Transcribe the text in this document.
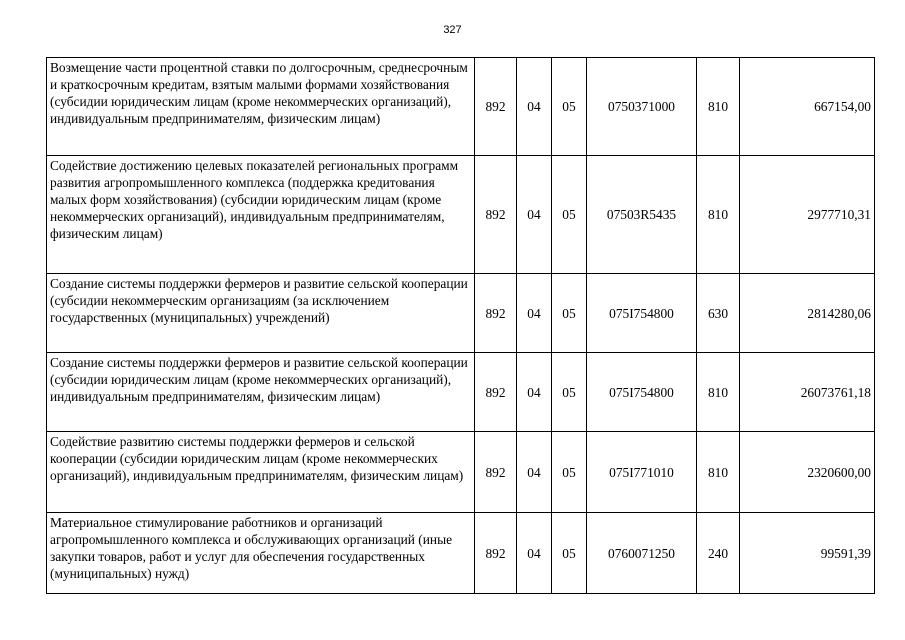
327
Возмещение части процентной ставки по долгосрочным, среднесрочным и краткосрочным кредитам, взятым малыми формами хозяйствования (субсидии юридическим лицам (кроме некоммерческих организаций), индивидуальным предпринимателям, физическим лицам)	892	04	05	0750371000	810	667154,00
Содействие достижению целевых показателей региональных программ развития агропромышленного комплекса (поддержка кредитования малых форм хозяйствования) (субсидии юридическим лицам (кроме некоммерческих организаций), индивидуальным предпринимателям, физическим лицам)	892	04	05	07503R5435	810	2977710,31
Создание системы поддержки фермеров и развитие сельской кооперации (субсидии некоммерческим организациям (за исключением государственных (муниципальных) учреждений)	892	04	05	075I754800	630	2814280,06
Создание системы поддержки фермеров и развитие сельской кооперации (субсидии юридическим лицам (кроме некоммерческих организаций), индивидуальным предпринимателям, физическим лицам)	892	04	05	075I754800	810	26073761,18
Содействие развитию системы поддержки фермеров и сельской кооперации (субсидии юридическим лицам (кроме некоммерческих организаций), индивидуальным предпринимателям, физическим лицам)	892	04	05	075I771010	810	2320600,00
Материальное стимулирование работников и организаций агропромышленного комплекса и обслуживающих организаций (иные закупки товаров, работ и услуг для обеспечения государственных (муниципальных) нужд)	892	04	05	0760071250	240	99591,39
